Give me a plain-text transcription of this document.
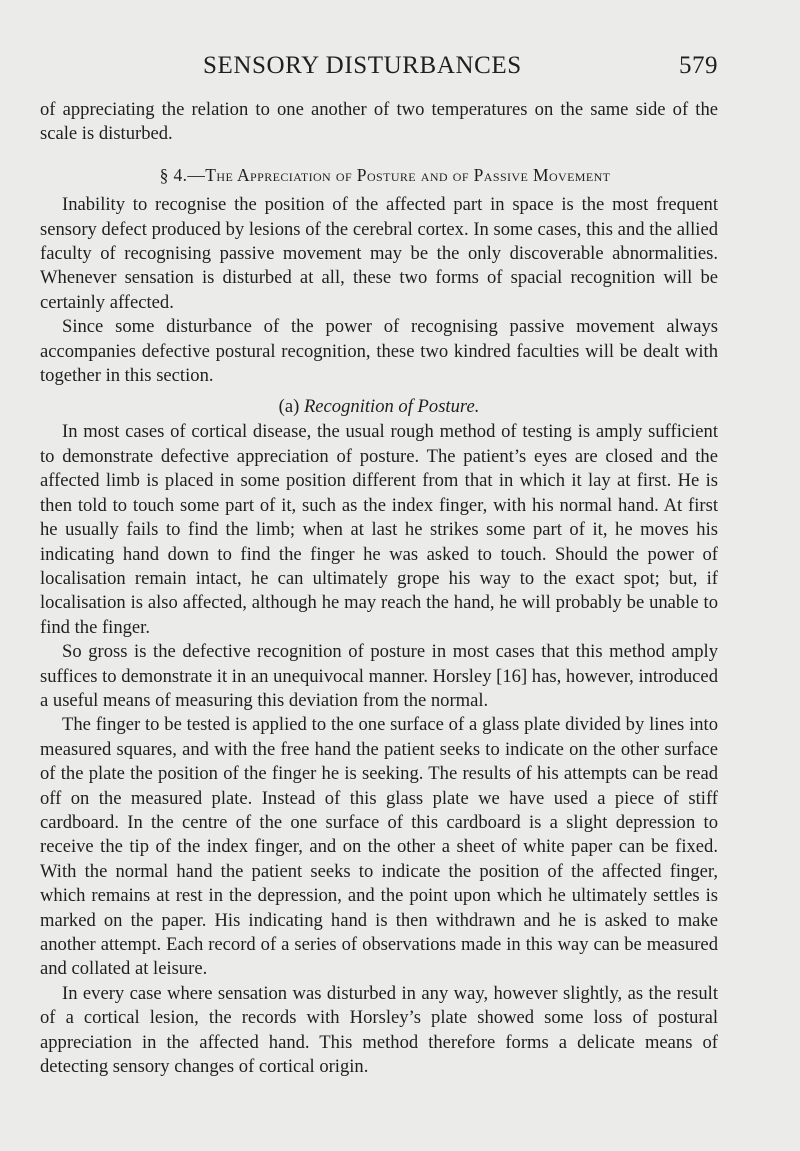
SENSORY DISTURBANCES	579

of appreciating the relation to one another of two temperatures on the same side of the scale is disturbed.

§ 4.—The Appreciation of Posture and of Passive Movement

Inability to recognise the position of the affected part in space is the most frequent sensory defect produced by lesions of the cerebral cortex. In some cases, this and the allied faculty of recognising passive movement may be the only discoverable abnormalities. Whenever sensation is disturbed at all, these two forms of spacial recognition will be certainly affected.

Since some disturbance of the power of recognising passive movement always accompanies defective postural recognition, these two kindred faculties will be dealt with together in this section.

(a) Recognition of Posture.

In most cases of cortical disease, the usual rough method of testing is amply sufficient to demonstrate defective appreciation of posture. The patient’s eyes are closed and the affected limb is placed in some position different from that in which it lay at first. He is then told to touch some part of it, such as the index finger, with his normal hand. At first he usually fails to find the limb; when at last he strikes some part of it, he moves his indicating hand down to find the finger he was asked to touch. Should the power of localisation remain intact, he can ultimately grope his way to the exact spot; but, if localisation is also affected, although he may reach the hand, he will probably be unable to find the finger.

So gross is the defective recognition of posture in most cases that this method amply suffices to demonstrate it in an unequivocal manner. Horsley [16] has, however, introduced a useful means of measuring this deviation from the normal.

The finger to be tested is applied to the one surface of a glass plate divided by lines into measured squares, and with the free hand the patient seeks to indicate on the other surface of the plate the position of the finger he is seeking. The results of his attempts can be read off on the measured plate. Instead of this glass plate we have used a piece of stiff cardboard. In the centre of the one surface of this cardboard is a slight depression to receive the tip of the index finger, and on the other a sheet of white paper can be fixed. With the normal hand the patient seeks to indicate the position of the affected finger, which remains at rest in the depression, and the point upon which he ultimately settles is marked on the paper. His indicating hand is then withdrawn and he is asked to make another attempt. Each record of a series of observations made in this way can be measured and collated at leisure.

In every case where sensation was disturbed in any way, however slightly, as the result of a cortical lesion, the records with Horsley’s plate showed some loss of postural appreciation in the affected hand. This method therefore forms a delicate means of detecting sensory changes of cortical origin.
